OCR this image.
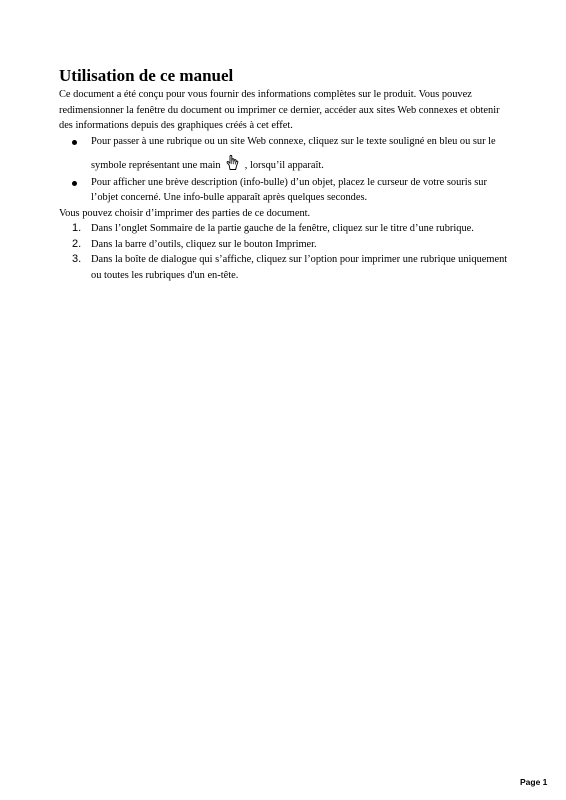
Utilisation de ce manuel

Ce document a été conçu pour vous fournir des informations complètes sur le produit. Vous pouvez redimensionner la fenêtre du document ou imprimer ce dernier, accéder aux sites Web connexes et obtenir des informations depuis des graphiques créés à cet effet.

Pour passer à une rubrique ou un site Web connexe, cliquez sur le texte souligné en bleu ou sur le
symbole représentant une main , lorsqu’il apparaît.
Pour afficher une brève description (info-bulle) d’un objet, placez le curseur de votre souris sur l’objet concerné. Une info-bulle apparaît après quelques secondes.

Vous pouvez choisir d’imprimer des parties de ce document.

1. Dans l’onglet Sommaire de la partie gauche de la fenêtre, cliquez sur le titre d’une rubrique.
2. Dans la barre d’outils, cliquez sur le bouton Imprimer.
3. Dans la boîte de dialogue qui s’affiche, cliquez sur l’option pour imprimer une rubrique uniquement ou toutes les rubriques d'un en-tête.
Page 1
